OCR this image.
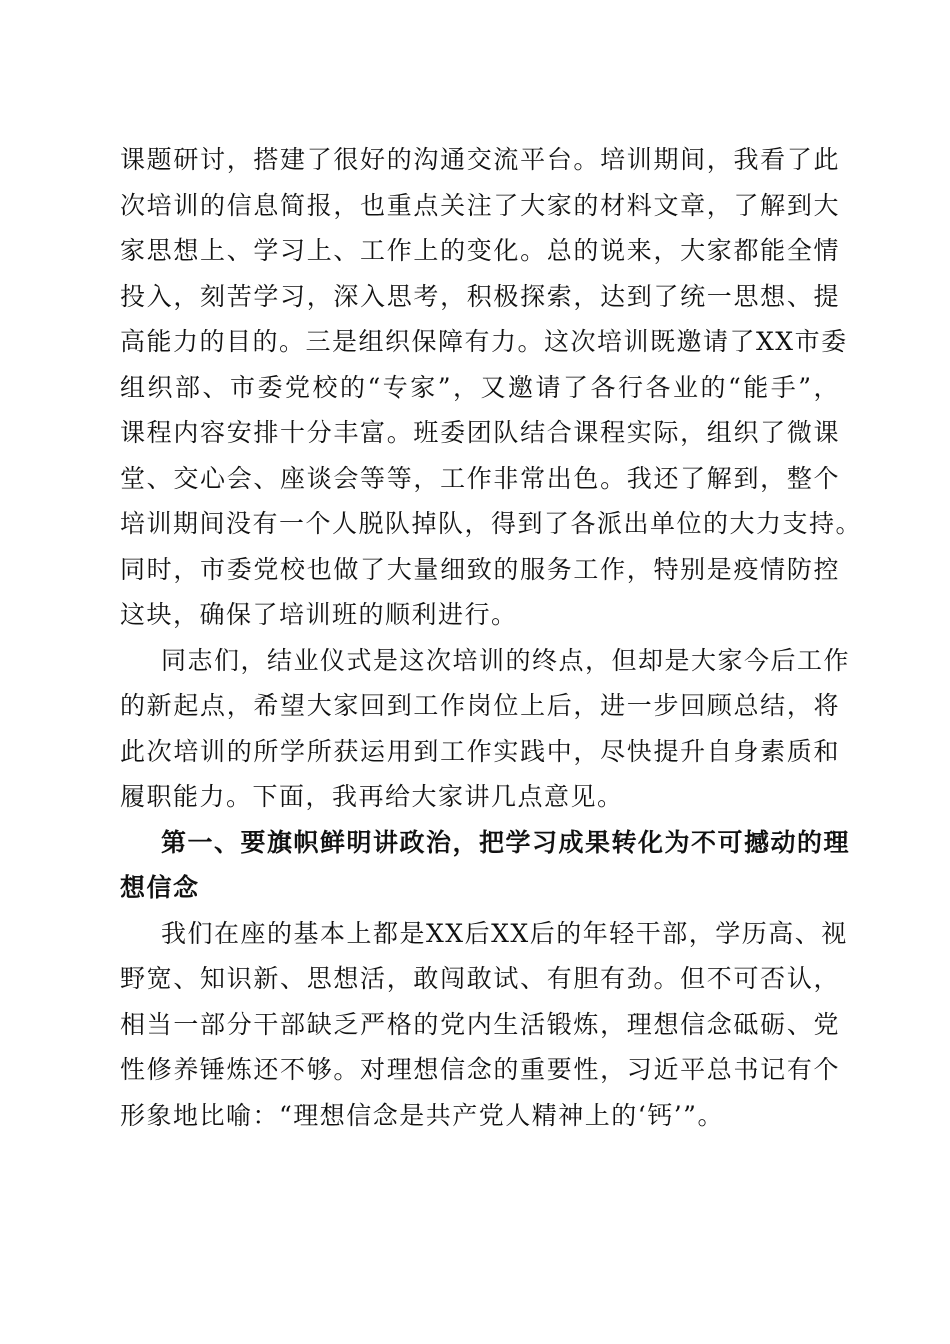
课题研讨，搭建了很好的沟通交流平台。培训期间，我看了此
次培训的信息简报，也重点关注了大家的材料文章，了解到大
家思想上、学习上、工作上的变化。总的说来，大家都能全情
投入，刻苦学习，深入思考，积极探索，达到了统一思想、提
高能力的目的。三是组织保障有力。这次培训既邀请了XX市委
组织部、市委党校的“专家”，又邀请了各行各业的“能手”，
课程内容安排十分丰富。班委团队结合课程实际，组织了微课
堂、交心会、座谈会等等，工作非常出色。我还了解到，整个
培训期间没有一个人脱队掉队，得到了各派出单位的大力支持。
同时，市委党校也做了大量细致的服务工作，特别是疫情防控
这块，确保了培训班的顺利进行。
同志们，结业仪式是这次培训的终点，但却是大家今后工作
的新起点，希望大家回到工作岗位上后，进一步回顾总结，将
此次培训的所学所获运用到工作实践中，尽快提升自身素质和
履职能力。下面，我再给大家讲几点意见。
第一、要旗帜鲜明讲政治，把学习成果转化为不可撼动的理
想信念
我们在座的基本上都是XX后XX后的年轻干部，学历高、视
野宽、知识新、思想活，敢闯敢试、有胆有劲。但不可否认，
相当一部分干部缺乏严格的党内生活锻炼，理想信念砥砺、党
性修养锤炼还不够。对理想信念的重要性，习近平总书记有个
形象地比喻：“理想信念是共产党人精神上的‘钙’”。
